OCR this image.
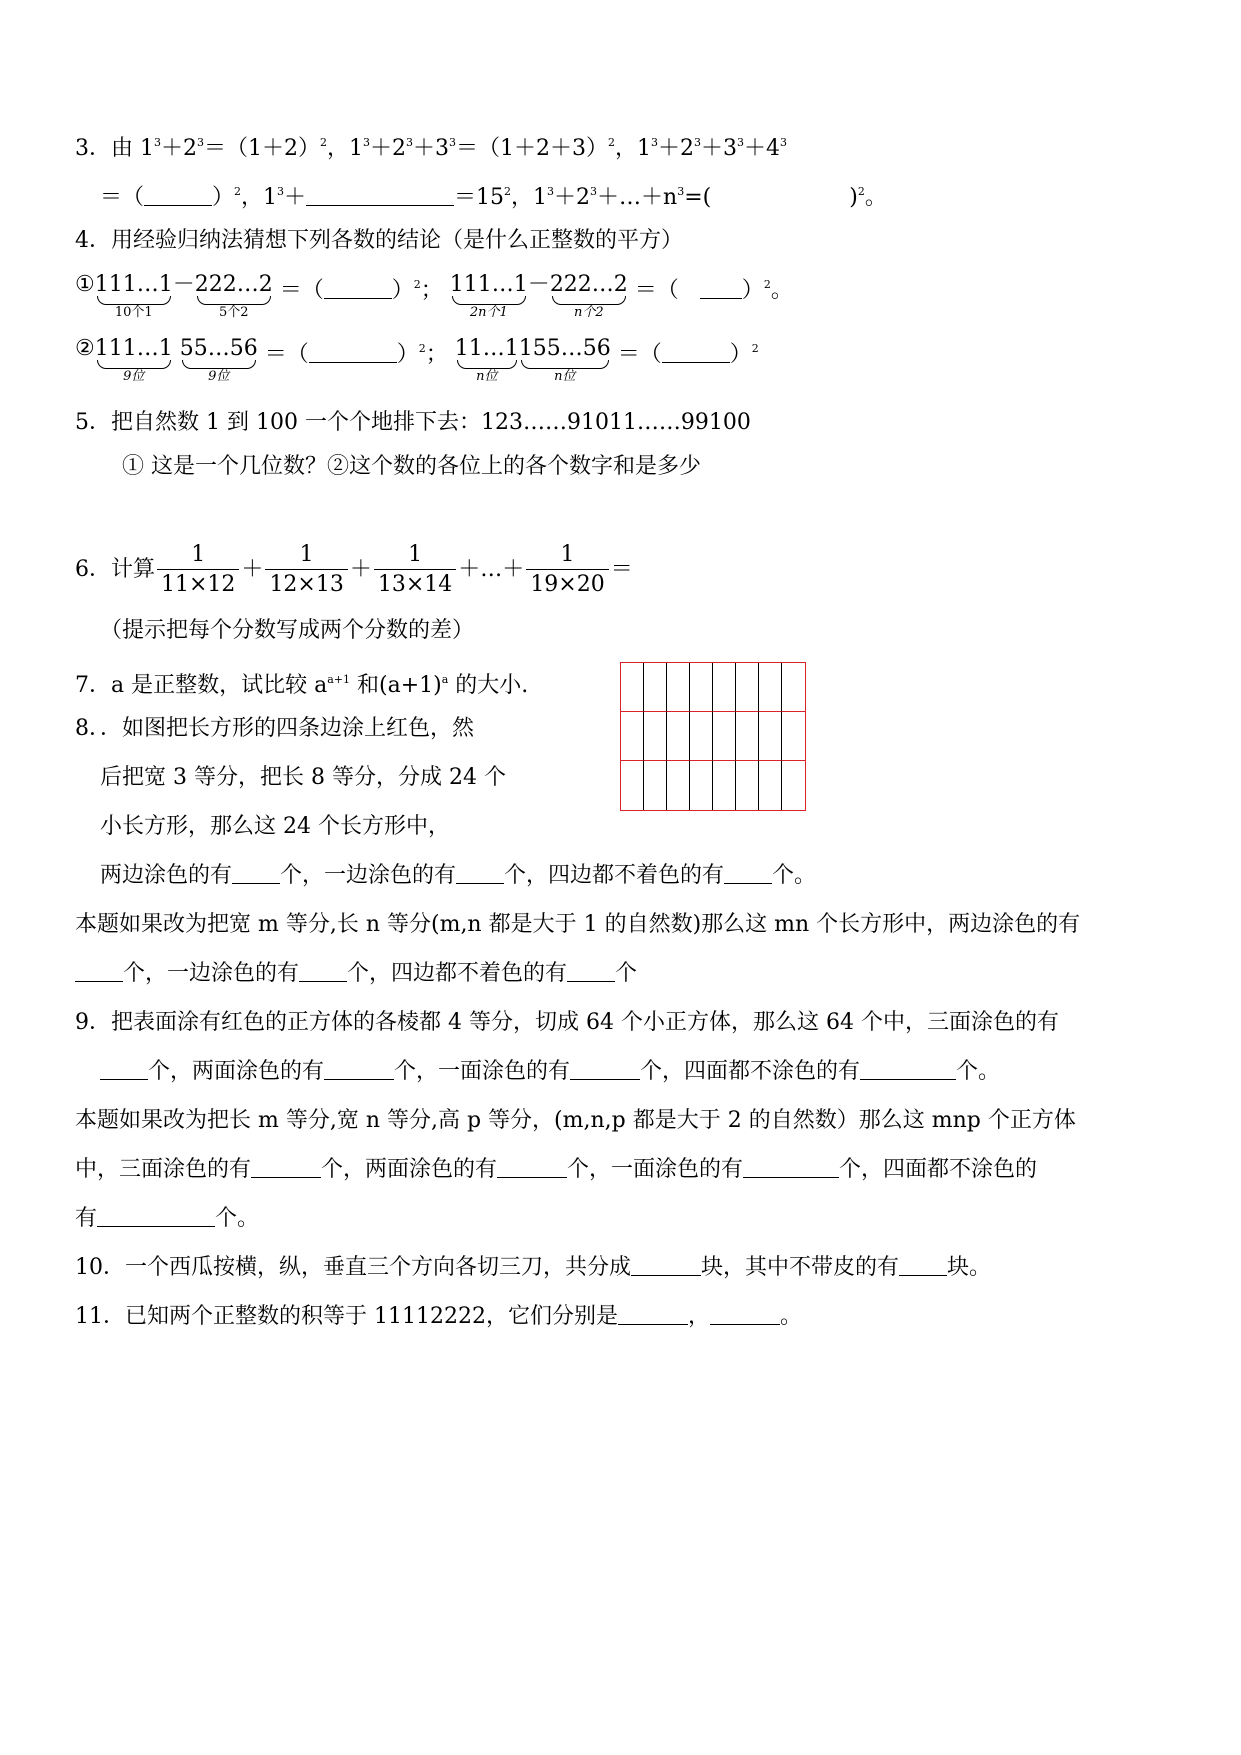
3．由 $1^3+2^3=(1+2)^2$，$1^3+2^3+3^3=(1+2+3)^2$，$1^3+2^3+3^3+4^3$
＝（	）$^2$，$1^3+$	$=15^2$，$1^3+2^3+\dots+n^3=$(	)$^2$。
4．用经验归纳法猜想下列各数的结论（是什么正整数的平方）
① 111…1
10个1
－ 222…2
5个2
＝（	）$^2$； 111…1
2n个1
－ 222…2
n个2
＝（   ）$^2$。
② 111…1
9位

55…56
9位
＝（	）$^2$； 11…1
n位
155…56
n位
＝（	）$^2$
5．把自然数 1 到 100 一个个地排下去：123……91011……99100
① 这是一个几位数？②这个数的各位上的各个数字和是多少
6．计算 $\frac{1}{11\times 12} + \frac{1}{12\times 13} + \frac{1}{13\times 14}$ ＋…＋ $\frac{1}{19\times 20}$ ＝
（提示把每个分数写成两个分数的差）
7．a 是正整数，试比较 $a^{a+1}$ 和$(a+1)^a$ 的大小.
8．．如图把长方形的四条边涂上红色，然
后把宽 3 等分，把长 8 等分，分成 24 个
小长方形，那么这 24 个长方形中，
两边涂色的有 个，一边涂色的有 个，四边都不着色的有 个。
本题如果改为把宽 m 等分,长 n 等分(m,n 都是大于 1 的自然数)那么这 mn 个长方形中，两边涂色的有
个，一边涂色的有 个，四边都不着色的有 个
9．把表面涂有红色的正方体的各棱都 4 等分，切成 64 个小正方体，那么这 64 个中，三面涂色的有
个，两面涂色的有	个，一面涂色的有	个，四面都不涂色的有	个。
本题如果改为把长 m 等分,宽 n 等分,高 p 等分，(m,n,p 都是大于 2 的自然数）那么这 mnp 个正方体
中，三面涂色的有	个，两面涂色的有	个，一面涂色的有	个，四面都不涂色的
有	个。
10．一个西瓜按横，纵，垂直三个方向各切三刀，共分成	块，其中不带皮的有 块。
11．已知两个正整数的积等于 11112222，它们分别是	，	。
